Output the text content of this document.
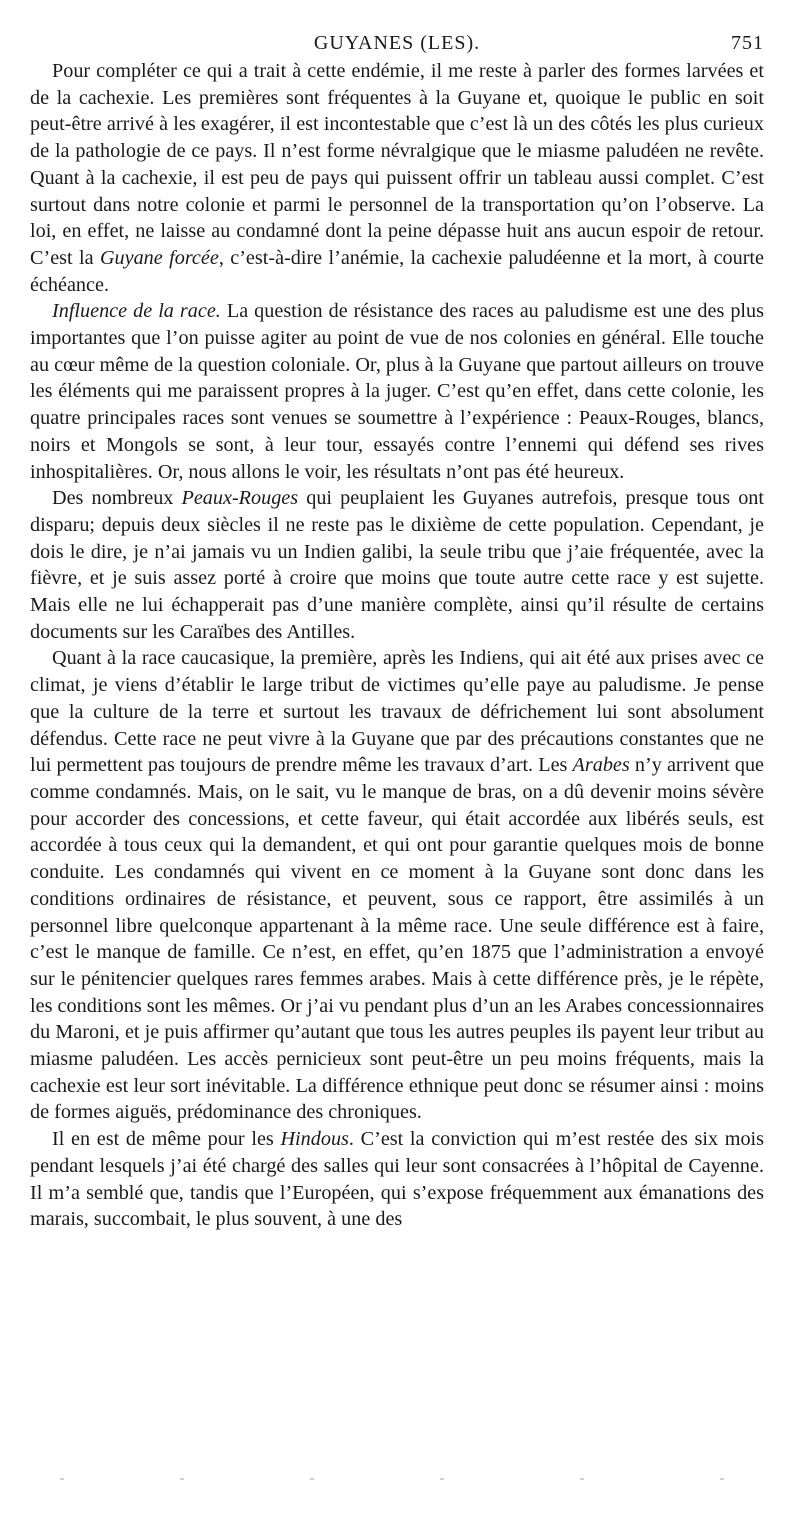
GUYANES (LES).	751

Pour compléter ce qui a trait à cette endémie, il me reste à parler des formes larvées et de la cachexie. Les premières sont fréquentes à la Guyane et, quoique le public en soit peut-être arrivé à les exagérer, il est incontestable que c’est là un des côtés les plus curieux de la pathologie de ce pays. Il n’est forme névralgique que le miasme paludéen ne revête. Quant à la cachexie, il est peu de pays qui puissent offrir un tableau aussi complet. C’est surtout dans notre colonie et parmi le personnel de la transportation qu’on l’observe. La loi, en effet, ne laisse au condamné dont la peine dépasse huit ans aucun espoir de retour. C’est la Guyane forcée, c’est-à-dire l’anémie, la cachexie paludéenne et la mort, à courte échéance.

Influence de la race. La question de résistance des races au paludisme est une des plus importantes que l’on puisse agiter au point de vue de nos colonies en général. Elle touche au cœur même de la question coloniale. Or, plus à la Guyane que partout ailleurs on trouve les éléments qui me paraissent propres à la juger. C’est qu’en effet, dans cette colonie, les quatre principales races sont venues se soumettre à l’expérience : Peaux-Rouges, blancs, noirs et Mongols se sont, à leur tour, essayés contre l’ennemi qui défend ses rives inhospitalières. Or, nous allons le voir, les résultats n’ont pas été heureux.

Des nombreux Peaux-Rouges qui peuplaient les Guyanes autrefois, presque tous ont disparu; depuis deux siècles il ne reste pas le dixième de cette population. Cependant, je dois le dire, je n’ai jamais vu un Indien galibi, la seule tribu que j’aie fréquentée, avec la fièvre, et je suis assez porté à croire que moins que toute autre cette race y est sujette. Mais elle ne lui échapperait pas d’une manière complète, ainsi qu’il résulte de certains documents sur les Caraïbes des Antilles.

Quant à la race caucasique, la première, après les Indiens, qui ait été aux prises avec ce climat, je viens d’établir le large tribut de victimes qu’elle paye au paludisme. Je pense que la culture de la terre et surtout les travaux de défrichement lui sont absolument défendus. Cette race ne peut vivre à la Guyane que par des précautions constantes que ne lui permettent pas toujours de prendre même les travaux d’art. Les Arabes n’y arrivent que comme condamnés. Mais, on le sait, vu le manque de bras, on a dû devenir moins sévère pour accorder des concessions, et cette faveur, qui était accordée aux libérés seuls, est accordée à tous ceux qui la demandent, et qui ont pour garantie quelques mois de bonne conduite. Les condamnés qui vivent en ce moment à la Guyane sont donc dans les conditions ordinaires de résistance, et peuvent, sous ce rapport, être assimilés à un personnel libre quelconque appartenant à la même race. Une seule différence est à faire, c’est le manque de famille. Ce n’est, en effet, qu’en 1875 que l’administration a envoyé sur le pénitencier quelques rares femmes arabes. Mais à cette différence près, je le répète, les conditions sont les mêmes. Or j’ai vu pendant plus d’un an les Arabes concessionnaires du Maroni, et je puis affirmer qu’autant que tous les autres peuples ils payent leur tribut au miasme paludéen. Les accès pernicieux sont peut-être un peu moins fréquents, mais la cachexie est leur sort inévitable. La différence ethnique peut donc se résumer ainsi : moins de formes aiguës, prédominance des chroniques.

Il en est de même pour les Hindous. C’est la conviction qui m’est restée des six mois pendant lesquels j’ai été chargé des salles qui leur sont consacrées à l’hôpital de Cayenne. Il m’a semblé que, tandis que l’Européen, qui s’expose fréquemment aux émanations des marais, succombait, le plus souvent, à une des
